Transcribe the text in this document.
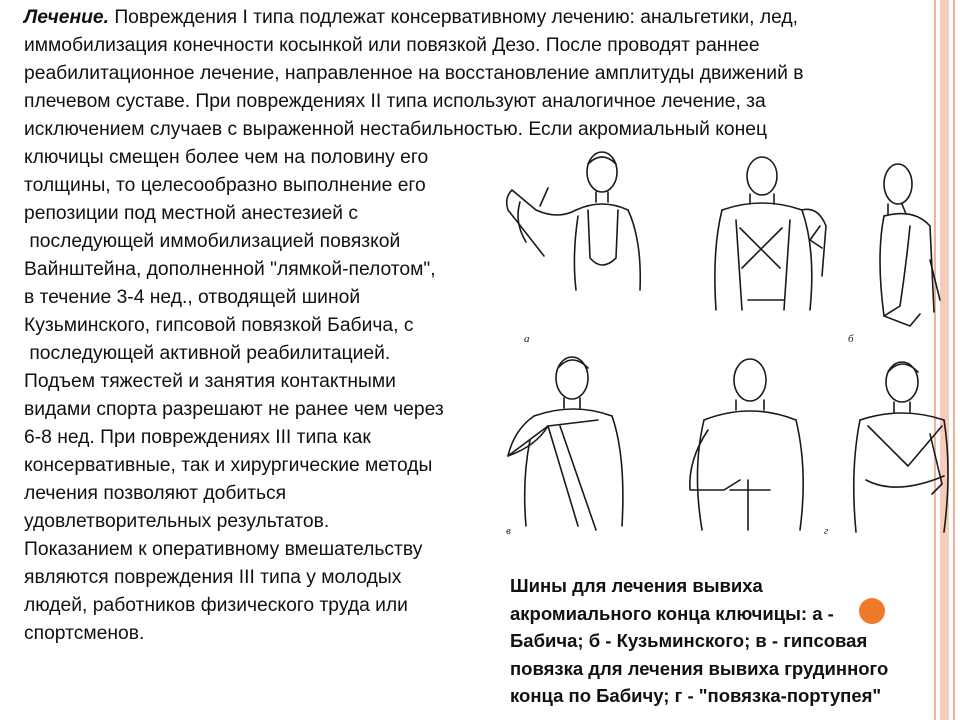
Лечение. Повреждения I типа подлежат консервативному лечению: анальгетики, лед,
иммобилизация конечности косынкой или повязкой Дезо. После проводят раннее
реабилитационное лечение, направленное на восстановление амплитуды движений в
плечевом суставе. При повреждениях II типа используют аналогичное лечение, за
исключением случаев с выраженной нестабильностью. Если акромиальный конец
ключицы смещен более чем на половину его
толщины, то целесообразно выполнение его
репозиции под местной анестезией с
последующей иммобилизацией повязкой
Вайнштейна, дополненной "лямкой-пелотом",
в течение 3-4 нед., отводящей шиной
Кузьминского, гипсовой повязкой Бабича, с
последующей активной реабилитацией.
Подъем тяжестей и занятия контактными
видами спорта разрешают не ранее чем через
6-8 нед. При повреждениях III типа как
консервативные, так и хирургические методы
лечения позволяют добиться
удовлетворительных результатов.
Показанием к оперативному вмешательству
являются повреждения III типа у молодых
людей, работников физического труда или
спортсменов.
а	б
в	г
Шины для лечения вывиха
акромиального конца ключицы: а -
Бабича; б - Кузьминского; в - гипсовая
повязка для лечения вывиха грудинного
конца по Бабичу; г - "повязка-портупея"
